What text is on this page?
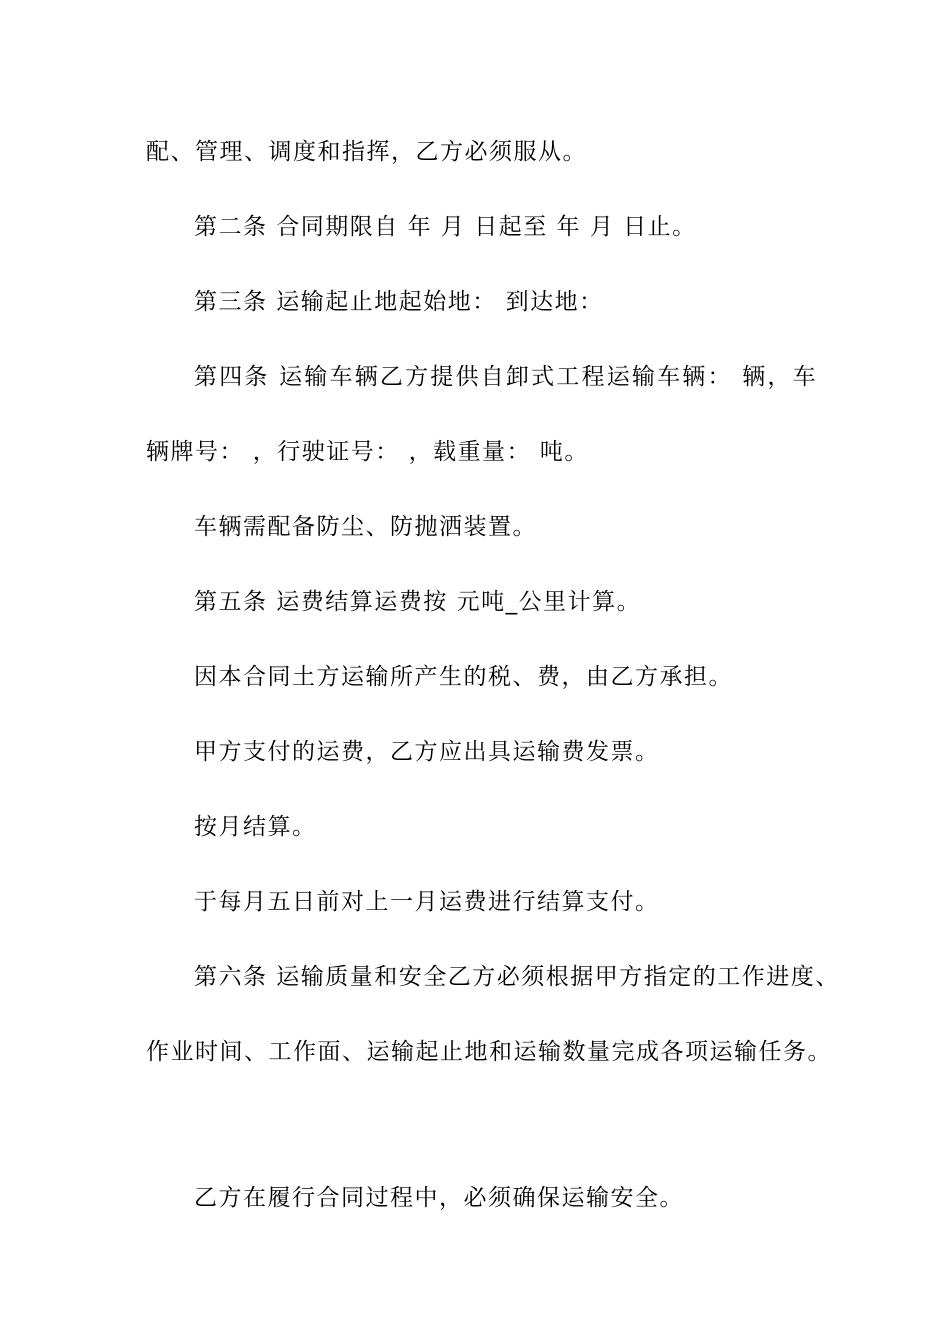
配、管理、调度和指挥，乙方必须服从。
第二条 合同期限自 年 月 日起至 年 月 日止。
第三条 运输起止地起始地： 到达地：
第四条 运输车辆乙方提供自卸式工程运输车辆： 辆，车
辆牌号： ，行驶证号： ，载重量： 吨。
车辆需配备防尘、防抛洒装置。
第五条 运费结算运费按 元吨_公里计算。
因本合同土方运输所产生的税、费，由乙方承担。
甲方支付的运费，乙方应出具运输费发票。
按月结算。
于每月五日前对上一月运费进行结算支付。
第六条 运输质量和安全乙方必须根据甲方指定的工作进度、
作业时间、工作面、运输起止地和运输数量完成各项运输任务。
乙方在履行合同过程中，必须确保运输安全。
